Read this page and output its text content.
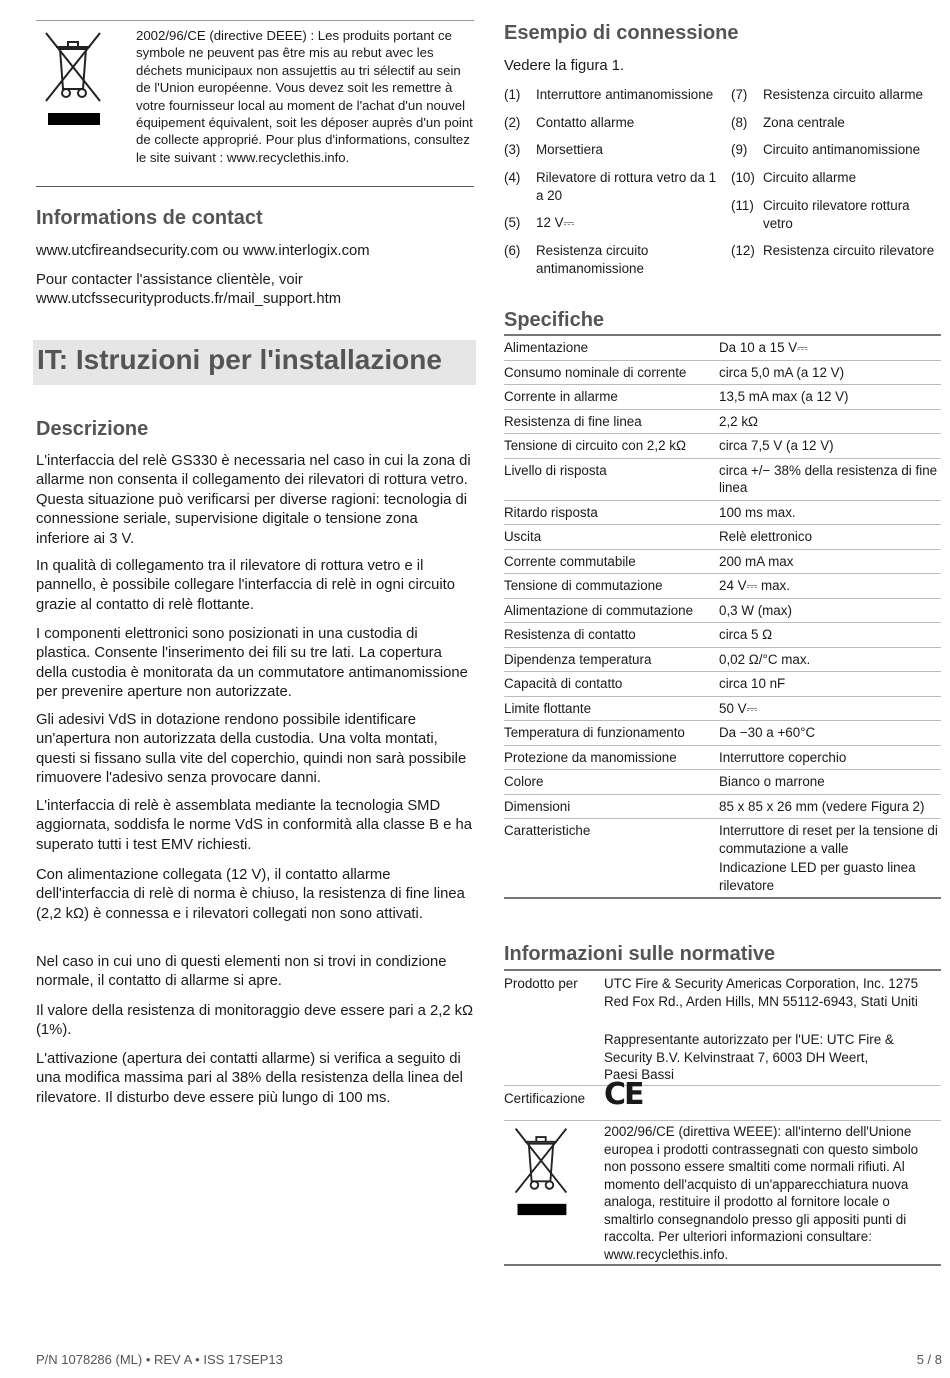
2002/96/CE (directive DEEE) : Les produits portant ce symbole ne peuvent pas être mis au rebut avec les déchets municipaux non assujettis au tri sélectif au sein de l'Union européenne. Vous devez soit les remettre à votre fournisseur local au moment de l'achat d'un nouvel équipement équivalent, soit les déposer auprès d'un point de collecte approprié. Pour plus d'informations, consultez le site suivant : www.recyclethis.info.

Informations de contact

www.utcfireandsecurity.com ou www.interlogix.com

Pour contacter l'assistance clientèle, voir

www.utcfssecurityproducts.fr/mail_support.htm

IT: Istruzioni per l'installazione
Descrizione

L'interfaccia del relè GS330 è necessaria nel caso in cui la zona di allarme non consenta il collegamento dei rilevatori di rottura vetro. Questa situazione può verificarsi per diverse ragioni: tecnologia di connessione seriale, supervisione digitale o tensione zona inferiore ai 3 V.

In qualità di collegamento tra il rilevatore di rottura vetro e il pannello, è possibile collegare l'interfaccia di relè in ogni circuito grazie al contatto di relè flottante.

I componenti elettronici sono posizionati in una custodia di plastica. Consente l'inserimento dei fili su tre lati. La copertura della custodia è monitorata da un commutatore antimanomissione per prevenire aperture non autorizzate.

Gli adesivi VdS in dotazione rendono possibile identificare un'apertura non autorizzata della custodia. Una volta montati, questi si fissano sulla vite del coperchio, quindi non sarà possibile rimuovere l'adesivo senza provocare danni.

L'interfaccia di relè è assemblata mediante la tecnologia SMD aggiornata, soddisfa le norme VdS in conformità alla classe B e ha superato tutti i test EMV richiesti.

Con alimentazione collegata (12 V), il contatto allarme dell'interfaccia di relè di norma è chiuso, la resistenza di fine linea (2,2 kΩ) è connessa e i rilevatori collegati non sono attivati.

Nel caso in cui uno di questi elementi non si trovi in condizione normale, il contatto di allarme si apre.

Il valore della resistenza di monitoraggio deve essere pari a 2,2 kΩ (1%).

L'attivazione (apertura dei contatti allarme) si verifica a seguito di una modifica massima pari al 38% della resistenza della linea del rilevatore. Il disturbo deve essere più lungo di 100 ms.

Esempio di connessione

Vedere la figura 1.

(1) Interruttore antimanomissione
(2) Contatto allarme
(3) Morsettiera
(4) Rilevatore di rottura vetro da 1 a 20
(5) 12 V⎓
(6) Resistenza circuito antimanomissione
(7) Resistenza circuito allarme
(8) Zona centrale
(9) Circuito antimanomissione
(10) Circuito allarme
(11) Circuito rilevatore rottura vetro
(12) Resistenza circuito rilevatore
Specifiche
Alimentazione	Da 10 a 15 V⎓
Consumo nominale di corrente	circa 5,0 mA (a 12 V)
Corrente in allarme	13,5 mA max (a 12 V)
Resistenza di fine linea	2,2 kΩ
Tensione di circuito con 2,2 kΩ	circa 7,5 V (a 12 V)
Livello di risposta	circa +/− 38% della resistenza di fine linea
Ritardo risposta	100 ms max.
Uscita	Relè elettronico
Corrente commutabile	200 mA max
Tensione di commutazione	24 V⎓ max.
Alimentazione di commutazione	0,3 W (max)
Resistenza di contatto	circa 5 Ω
Dipendenza temperatura	0,02 Ω/°C max.
Capacità di contatto	circa 10 nF
Limite flottante	50 V⎓
Temperatura di funzionamento	Da −30 a +60°C
Protezione da manomissione	Interruttore coperchio
Colore	Bianco o marrone
Dimensioni	85 x 85 x 26 mm (vedere Figura 2)
Caratteristiche	Interruttore di reset per la tensione di commutazione a valle
Indicazione LED per guasto linea rilevatore
Informazioni sulle normative
Prodotto per UTC Fire & Security Americas Corporation, Inc. 1275 Red Fox Rd., Arden Hills, MN 55112-6943, Stati Uniti

Rappresentante autorizzato per l'UE: UTC Fire & Security B.V. Kelvinstraat 7, 6003 DH Weert, Paesi Bassi

Certificazione CE

2002/96/CE (direttiva WEEE): all'interno dell'Unione europea i prodotti contrassegnati con questo simbolo non possono essere smaltiti come normali rifiuti. Al momento dell'acquisto di un'apparecchiatura nuova analoga, restituire il prodotto al fornitore locale o smaltirlo consegnandolo presso gli appositi punti di raccolta. Per ulteriori informazioni consultare: www.recyclethis.info.

P/N 1078286 (ML) • REV A • ISS 17SEP13	5 / 8
